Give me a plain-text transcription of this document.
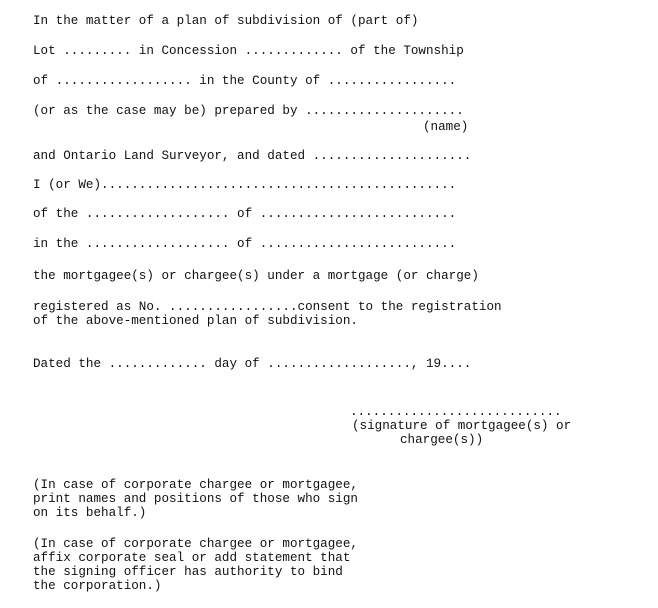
In the matter of a plan of subdivision of (part of)
Lot ......... in Concession ............. of the Township
of .................. in the County of .................
(or as the case may be) prepared by .....................
(name)
and Ontario Land Surveyor, and dated .....................
I (or We)...............................................
of the ................... of ..........................
in the ................... of ..........................
the mortgagee(s) or chargee(s) under a mortgage (or charge)
registered as No. .................consent to the registration
of the above-mentioned plan of subdivision.
Dated the ............. day of ..................., 19....
............................
(signature of mortgagee(s) or
chargee(s))
(In case of corporate chargee or mortgagee,
print names and positions of those who sign
on its behalf.)
(In case of corporate chargee or mortgagee,
affix corporate seal or add statement that
the signing officer has authority to bind
the corporation.)
